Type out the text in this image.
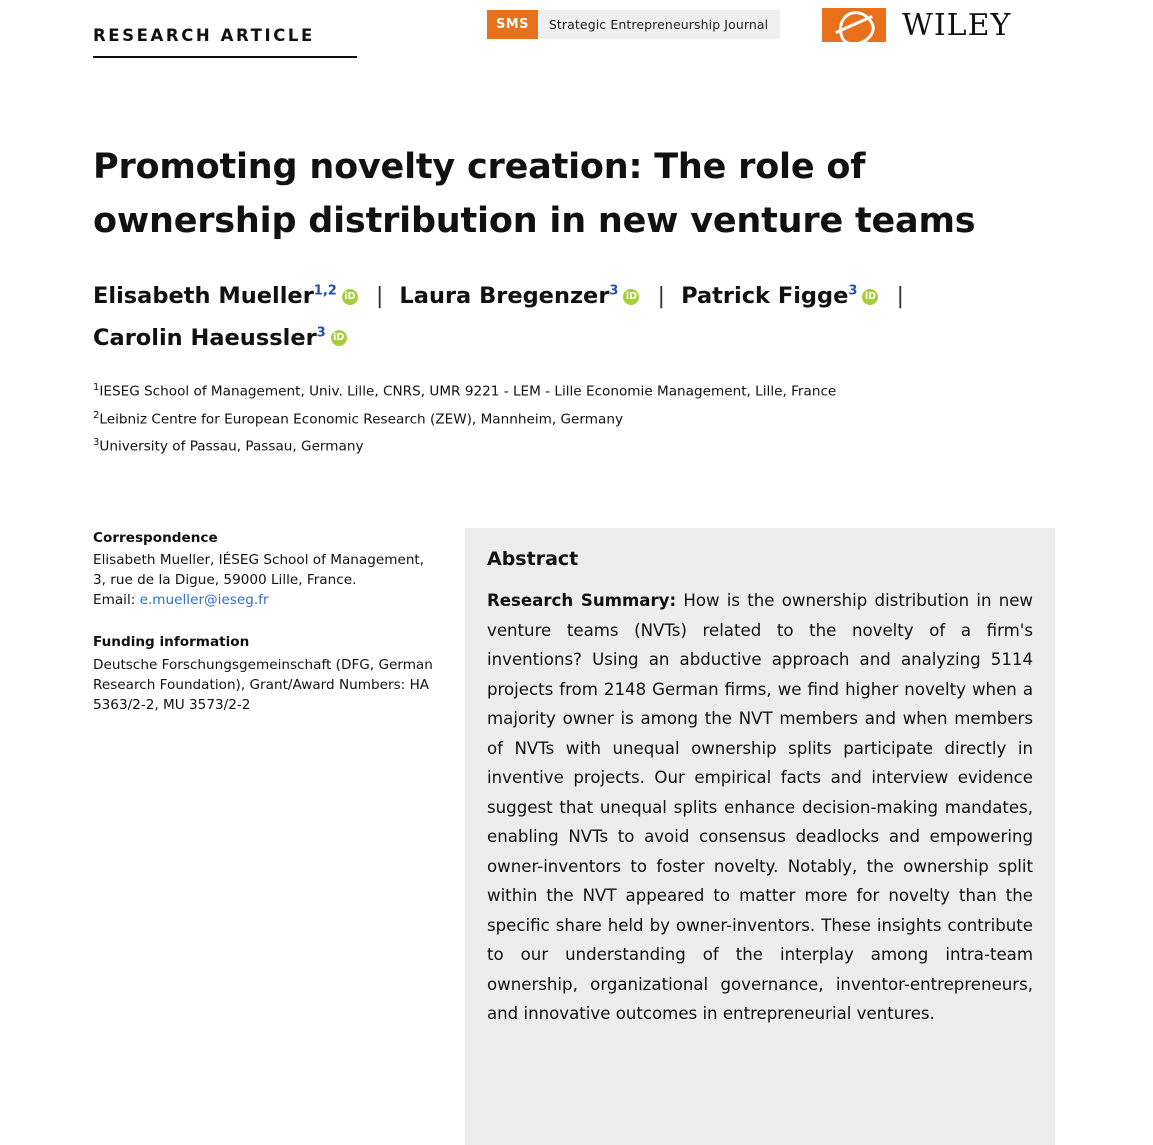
RESEARCH ARTICLE
SMS	Strategic Entrepreneurship Journal	WILEY
Promoting novelty creation: The role of ownership distribution in new venture teams
Elisabeth Mueller$^{1,2}$ iD | Laura Bregenzer$^3$ iD | Patrick Figge$^3$ iD |
Carolin Haeussler$^3$iD
$^1$IESEG School of Management, Univ. Lille, CNRS, UMR 9221 - LEM - Lille Economie Management, Lille, France
$^2$Leibniz Centre for European Economic Research (ZEW), Mannheim, Germany
$^3$University of Passau, Passau, Germany
Correspondence
Elisabeth Mueller, IÉSEG School of Management, 3, rue de la Digue, 59000 Lille, France.
Email: e.mueller@ieseg.fr
Funding information
Deutsche Forschungsgemeinschaft (DFG, German Research Foundation), Grant/Award Numbers: HA 5363/2-2, MU 3573/2-2
Abstract
Research Summary: How is the ownership distribution in new venture teams (NVTs) related to the novelty of a firm's inventions? Using an abductive approach and analyzing 5114 projects from 2148 German firms, we find higher novelty when a majority owner is among the NVT members and when members of NVTs with unequal ownership splits participate directly in inventive projects. Our empirical facts and interview evidence suggest that unequal splits enhance decision-making mandates, enabling NVTs to avoid consensus deadlocks and empowering owner-inventors to foster novelty. Notably, the ownership split within the NVT appeared to matter more for novelty than the specific share held by owner-inventors. These insights contribute to our understanding of the interplay among intra-team ownership, organizational governance, inventor-entrepreneurs, and innovative outcomes in entrepreneurial ventures.
